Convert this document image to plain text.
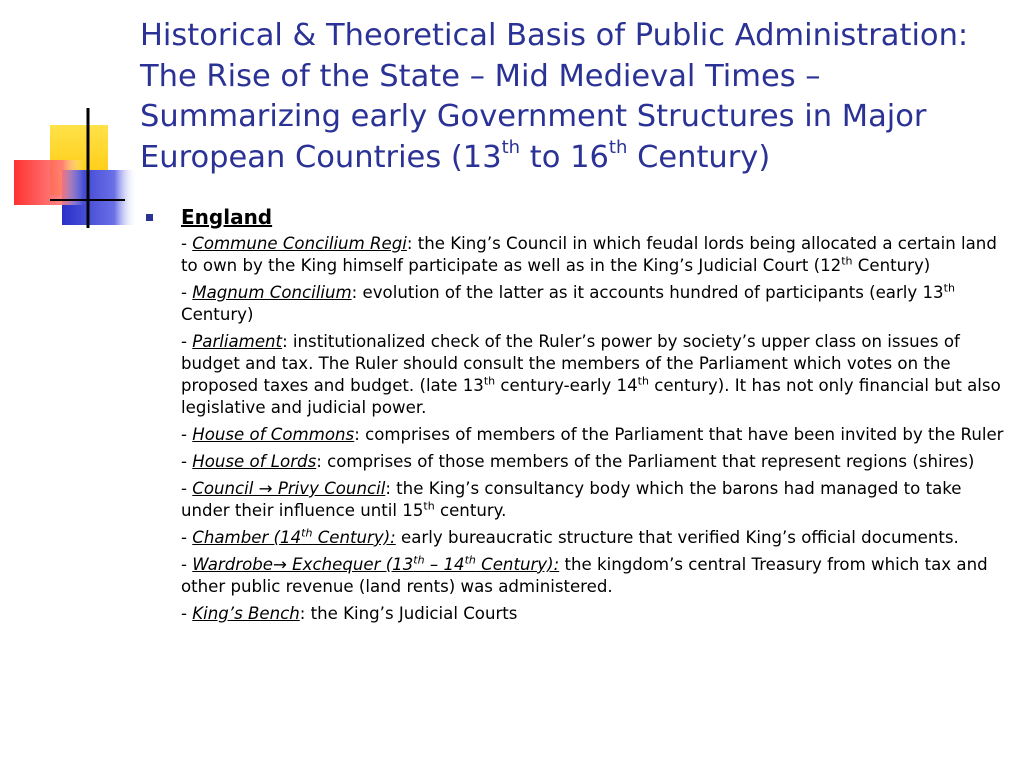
Historical & Theoretical Basis of Public Administration:
The Rise of the State – Mid Medieval Times –
Summarizing early Government Structures in Major
European Countries (13th to 16th Century)
England
- Commune Concilium Regi: the King’s Council in which feudal lords being allocated a certain land to own by the King himself participate as well as in the King’s Judicial Court (12th Century)
- Magnum Concilium: evolution of the latter as it accounts hundred of participants (early 13th Century)
- Parliament: institutionalized check of the Ruler’s power by society’s upper class on issues of budget and tax. The Ruler should consult the members of the Parliament which votes on the proposed taxes and budget. (late 13th century-early 14th century). It has not only financial but also legislative and judicial power.
- House of Commons: comprises of members of the Parliament that have been invited by the Ruler
- House of Lords: comprises of those members of the Parliament that represent regions (shires)
- Council → Privy Council: the King’s consultancy body which the barons had managed to take under their influence until 15th century.
- Chamber (14th Century): early bureaucratic structure that verified King’s official documents.
- Wardrobe→ Exchequer (13th – 14th Century): the kingdom’s central Treasury from which tax and other public revenue (land rents) was administered.
- King’s Bench: the King’s Judicial Courts
